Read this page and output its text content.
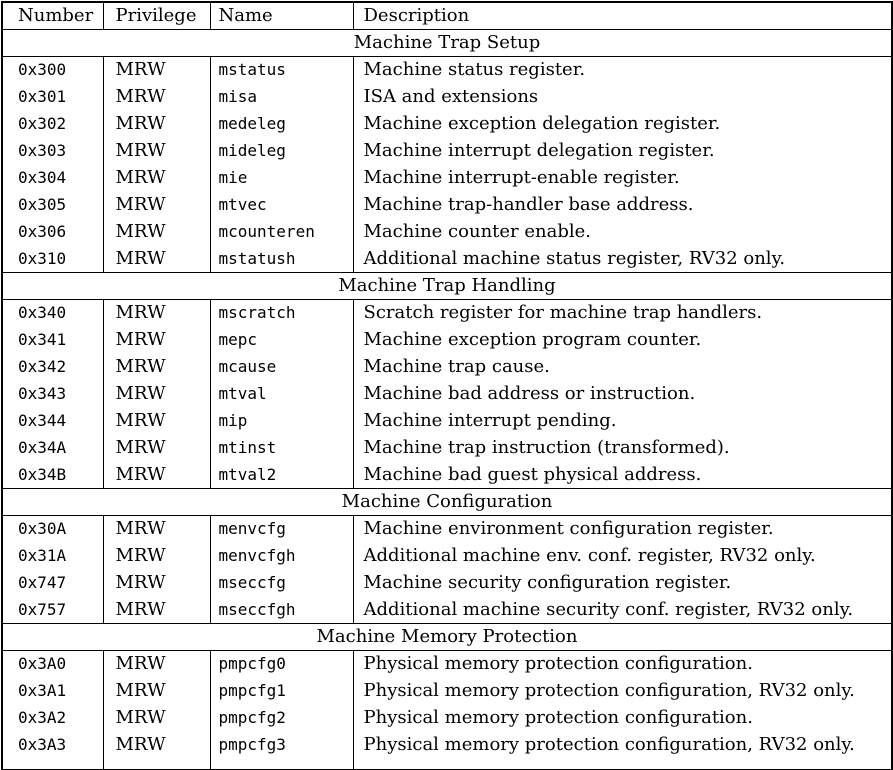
Number	Privilege	Name	Description
Machine Trap Setup			
0x300	MRW	mstatus	Machine status register.
0x301	MRW	misa	ISA and extensions
0x302	MRW	medeleg	Machine exception delegation register.
0x303	MRW	mideleg	Machine interrupt delegation register.
0x304	MRW	mie	Machine interrupt-enable register.
0x305	MRW	mtvec	Machine trap-handler base address.
0x306	MRW	mcounteren	Machine counter enable.
0x310	MRW	mstatush	Additional machine status register, RV32 only.
Machine Trap Handling			
0x340	MRW	mscratch	Scratch register for machine trap handlers.
0x341	MRW	mepc	Machine exception program counter.
0x342	MRW	mcause	Machine trap cause.
0x343	MRW	mtval	Machine bad address or instruction.
0x344	MRW	mip	Machine interrupt pending.
0x34A	MRW	mtinst	Machine trap instruction (transformed).
0x34B	MRW	mtval2	Machine bad guest physical address.
Machine Configuration			
0x30A	MRW	menvcfg	Machine environment configuration register.
0x31A	MRW	menvcfgh	Additional machine env. conf. register, RV32 only.
0x747	MRW	mseccfg	Machine security configuration register.
0x757	MRW	mseccfgh	Additional machine security conf. register, RV32 only.
Machine Memory Protection			
0x3A0	MRW	pmpcfg0	Physical memory protection configuration.
0x3A1	MRW	pmpcfg1	Physical memory protection configuration, RV32 only.
0x3A2	MRW	pmpcfg2	Physical memory protection configuration.
0x3A3	MRW	pmpcfg3	Physical memory protection configuration, RV32 only.
